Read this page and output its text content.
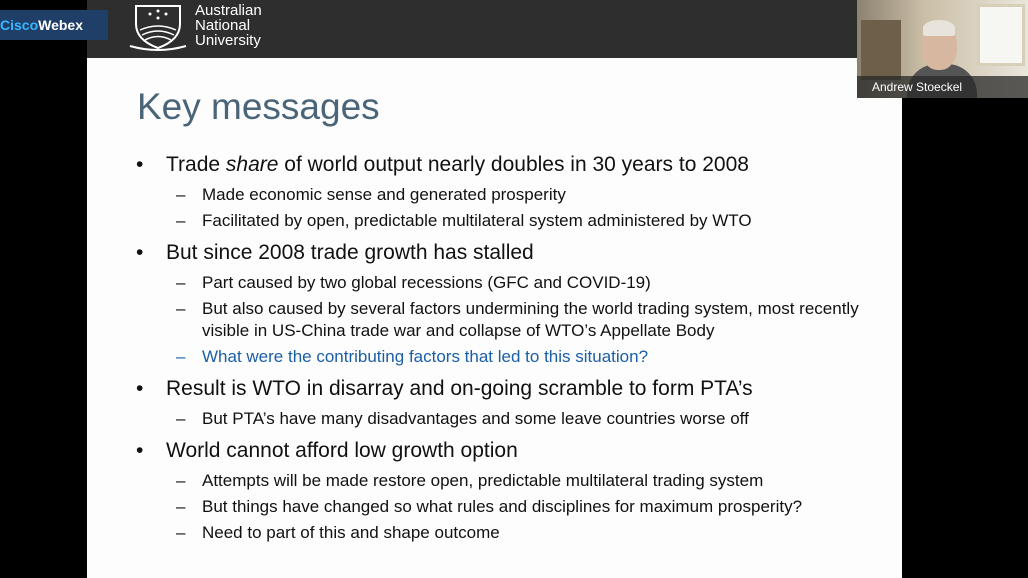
CiscoWebex
Australian
National
University
Key messages
• Trade share of world output nearly doubles in 30 years to 2008
– Made economic sense and generated prosperity
– Facilitated by open, predictable multilateral system administered by WTO
• But since 2008 trade growth has stalled
– Part caused by two global recessions (GFC and COVID-19)
– But also caused by several factors undermining the world trading system, most recently visible in US-China trade war and collapse of WTO’s Appellate Body
– What were the contributing factors that led to this situation?
• Result is WTO in disarray and on-going scramble to form PTA’s
– But PTA’s have many disadvantages and some leave countries worse off
• World cannot afford low growth option
– Attempts will be made restore open, predictable multilateral trading system
– But things have changed so what rules and disciplines for maximum prosperity?
– Need to part of this and shape outcome
Andrew Stoeckel
